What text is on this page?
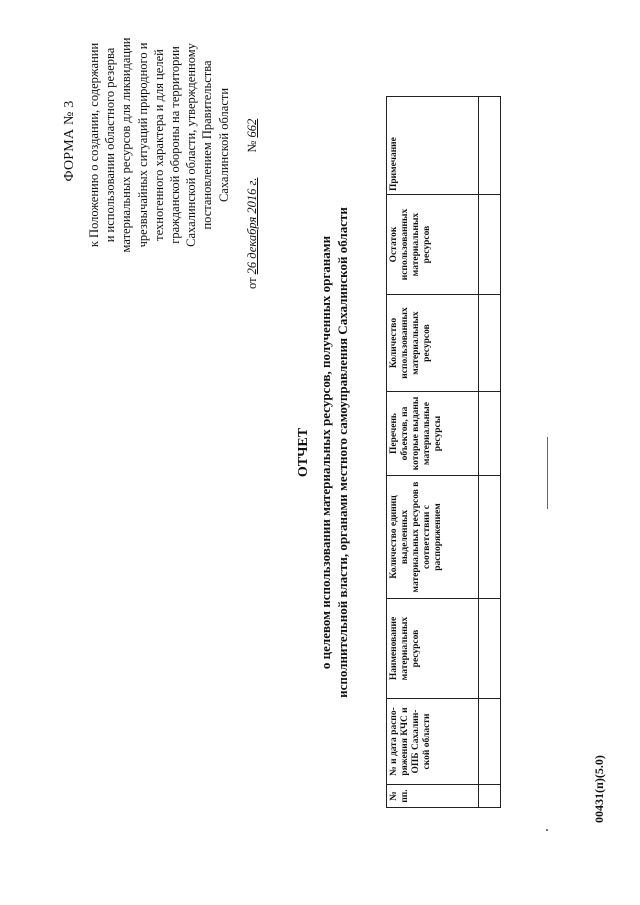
ФОРМА № 3 к Положению о создании, содержании и использовании областного резерва материальных ресурсов для ликвидации чрезвычайных ситуаций природного и техногенного характера и для целей гражданской обороны на территории Сахалинской области, утвержденному постановлением Правительства Сахалинской области
от 26 декабря 2016 г.        № 662
ОТЧЕТ о целевом использовании материальных ресурсов, полученных органами исполнительной власти, органами местного самоуправления Сахалинской области
№ пп.	№ и дата распо-ряжения КЧС и ОПБ Сахалин-ской области	Наименование материальных ресурсов	Количество единиц выделенных материальных ресурсов в соответствии с распоряжением	Перечень объектов, на которые выданы материальные ресурсы	Количество использованных материальных ресурсов	Остаток использованных материальных ресурсов	Примечание

00431(п)(5.0)
